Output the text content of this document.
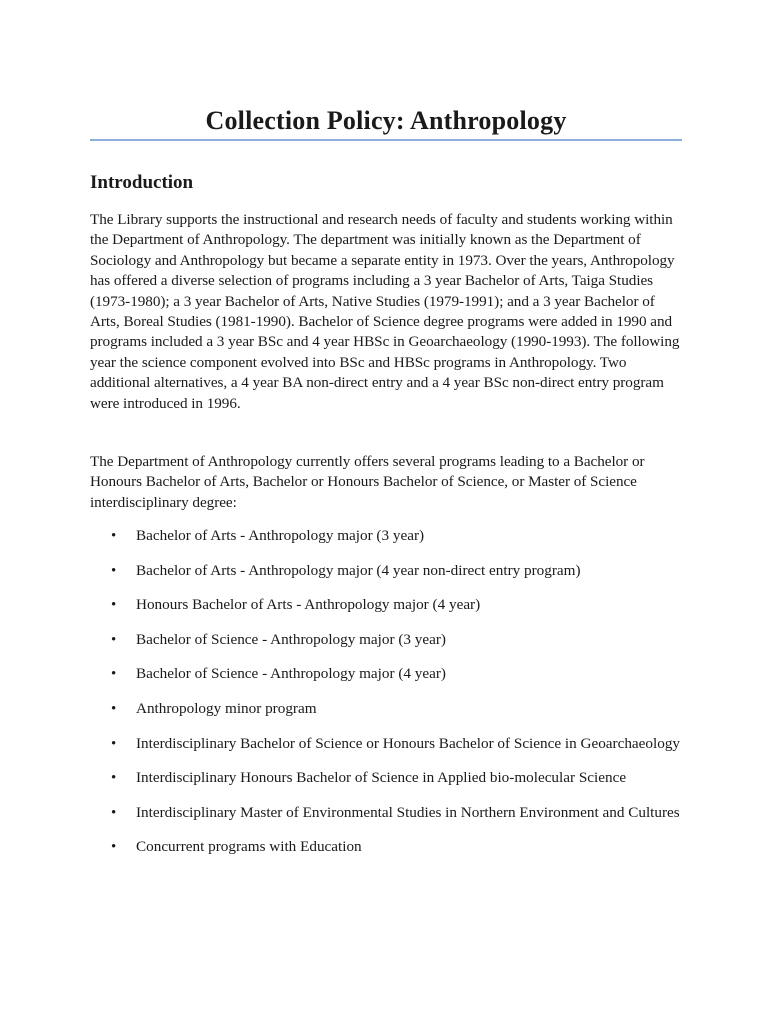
Collection Policy: Anthropology
Introduction

The Library supports the instructional and research needs of faculty and students working within the Department of Anthropology. The department was initially known as the Department of Sociology and Anthropology but became a separate entity in 1973. Over the years, Anthropology has offered a diverse selection of programs including a 3 year Bachelor of Arts, Taiga Studies (1973-1980); a 3 year Bachelor of Arts, Native Studies (1979-1991); and a 3 year Bachelor of Arts, Boreal Studies (1981-1990). Bachelor of Science degree programs were added in 1990 and programs included a 3 year BSc and 4 year HBSc in Geoarchaeology (1990-1993). The following year the science component evolved into BSc and HBSc programs in Anthropology. Two additional alternatives, a 4 year BA non-direct entry and a 4 year BSc non-direct entry program were introduced in 1996.

The Department of Anthropology currently offers several programs leading to a Bachelor or Honours Bachelor of Arts, Bachelor or Honours Bachelor of Science, or Master of Science interdisciplinary degree:

• Bachelor of Arts - Anthropology major (3 year)
• Bachelor of Arts - Anthropology major (4 year non-direct entry program)
• Honours Bachelor of Arts - Anthropology major (4 year)
• Bachelor of Science - Anthropology major (3 year)
• Bachelor of Science - Anthropology major (4 year)
• Anthropology minor program
• Interdisciplinary Bachelor of Science or Honours Bachelor of Science in Geoarchaeology
• Interdisciplinary Honours Bachelor of Science in Applied bio-molecular Science
• Interdisciplinary Master of Environmental Studies in Northern Environment and Cultures
• Concurrent programs with Education
